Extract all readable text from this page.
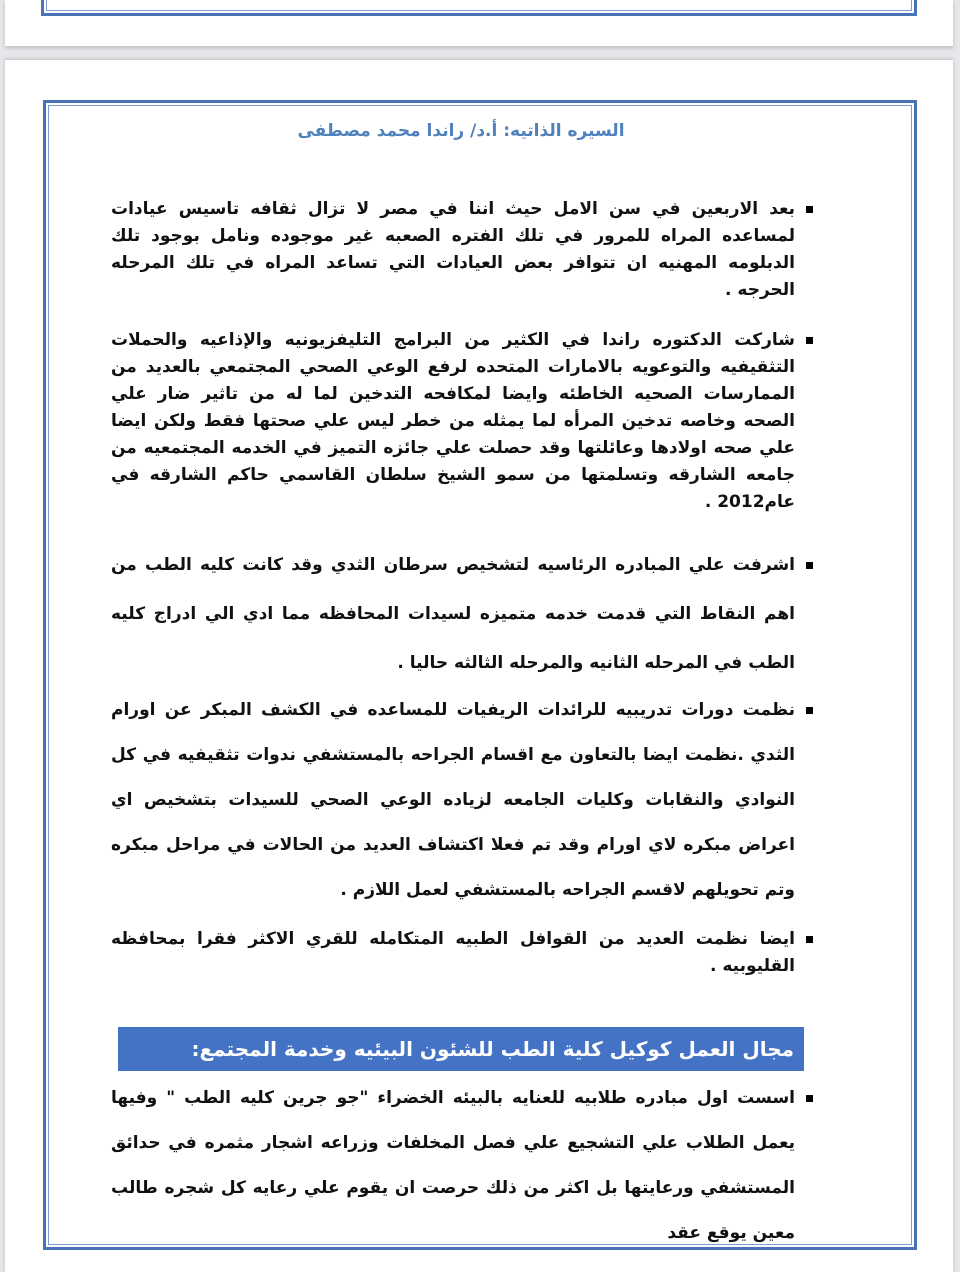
السيره الذاتيه: أ.د/ راندا محمد مصطفى
بعد الاربعين في سن الامل حيث اننا في مصر لا تزال ثقافه تاسيس عيادات لمساعده المراه للمرور في تلك الفتره الصعبه غير موجوده ونامل بوجود تلك الدبلومه المهنيه ان تتوافر بعض العيادات التي تساعد المراه في تلك المرحله الحرجه .
شاركت الدكتوره راندا في الكثير من البرامج التليفزيونيه والإذاعيه والحملات التثقيفيه والتوعويه بالامارات المتحده لرفع الوعي الصحي المجتمعي بالعديد من الممارسات الصحيه الخاطئه وايضا لمكافحه التدخين لما له من تاثير ضار علي الصحه وخاصه تدخين المرأه لما يمثله من خطر ليس علي صحتها فقط ولكن ايضا علي صحه اولادها وعائلتها وقد حصلت علي جائزه التميز في الخدمه المجتمعيه من جامعه الشارقه وتسلمتها من سمو الشيخ سلطان القاسمي حاكم الشارقه في عام2012 .
اشرفت علي المبادره الرئاسيه لتشخيص سرطان الثدي وقد كانت كليه الطب من اهم النقاط التي قدمت خدمه متميزه لسيدات المحافظه مما ادي الي ادراج كليه الطب في المرحله الثانيه والمرحله الثالثه حاليا .
نظمت دورات تدريبيه للرائدات الريفيات للمساعده في الكشف المبكر عن اورام الثدي .نظمت ايضا بالتعاون مع اقسام الجراحه بالمستشفي ندوات تثقيفيه في كل النوادي والنقابات وكليات الجامعه لزياده الوعي الصحي للسيدات بتشخيص اي اعراض مبكره لاي اورام وقد تم فعلا اكتشاف العديد من الحالات في مراحل مبكره وتم تحويلهم لاقسم الجراحه بالمستشفي لعمل اللازم .
ايضا نظمت العديد من القوافل الطبيه المتكامله للقري الاكثر فقرا بمحافظه القليوبيه .
مجال العمل كوكيل كلية الطب للشئون البيئيه وخدمة المجتمع:
اسست اول مبادره طلابيه للعنايه بالبيئه الخضراء "جو جرين كليه الطب " وفيها يعمل الطلاب علي التشجيع علي فصل المخلفات وزراعه اشجار مثمره في حدائق المستشفي ورعايتها بل اكثر من ذلك حرصت ان يقوم علي رعايه كل شجره طالب معين يوقع عقد
